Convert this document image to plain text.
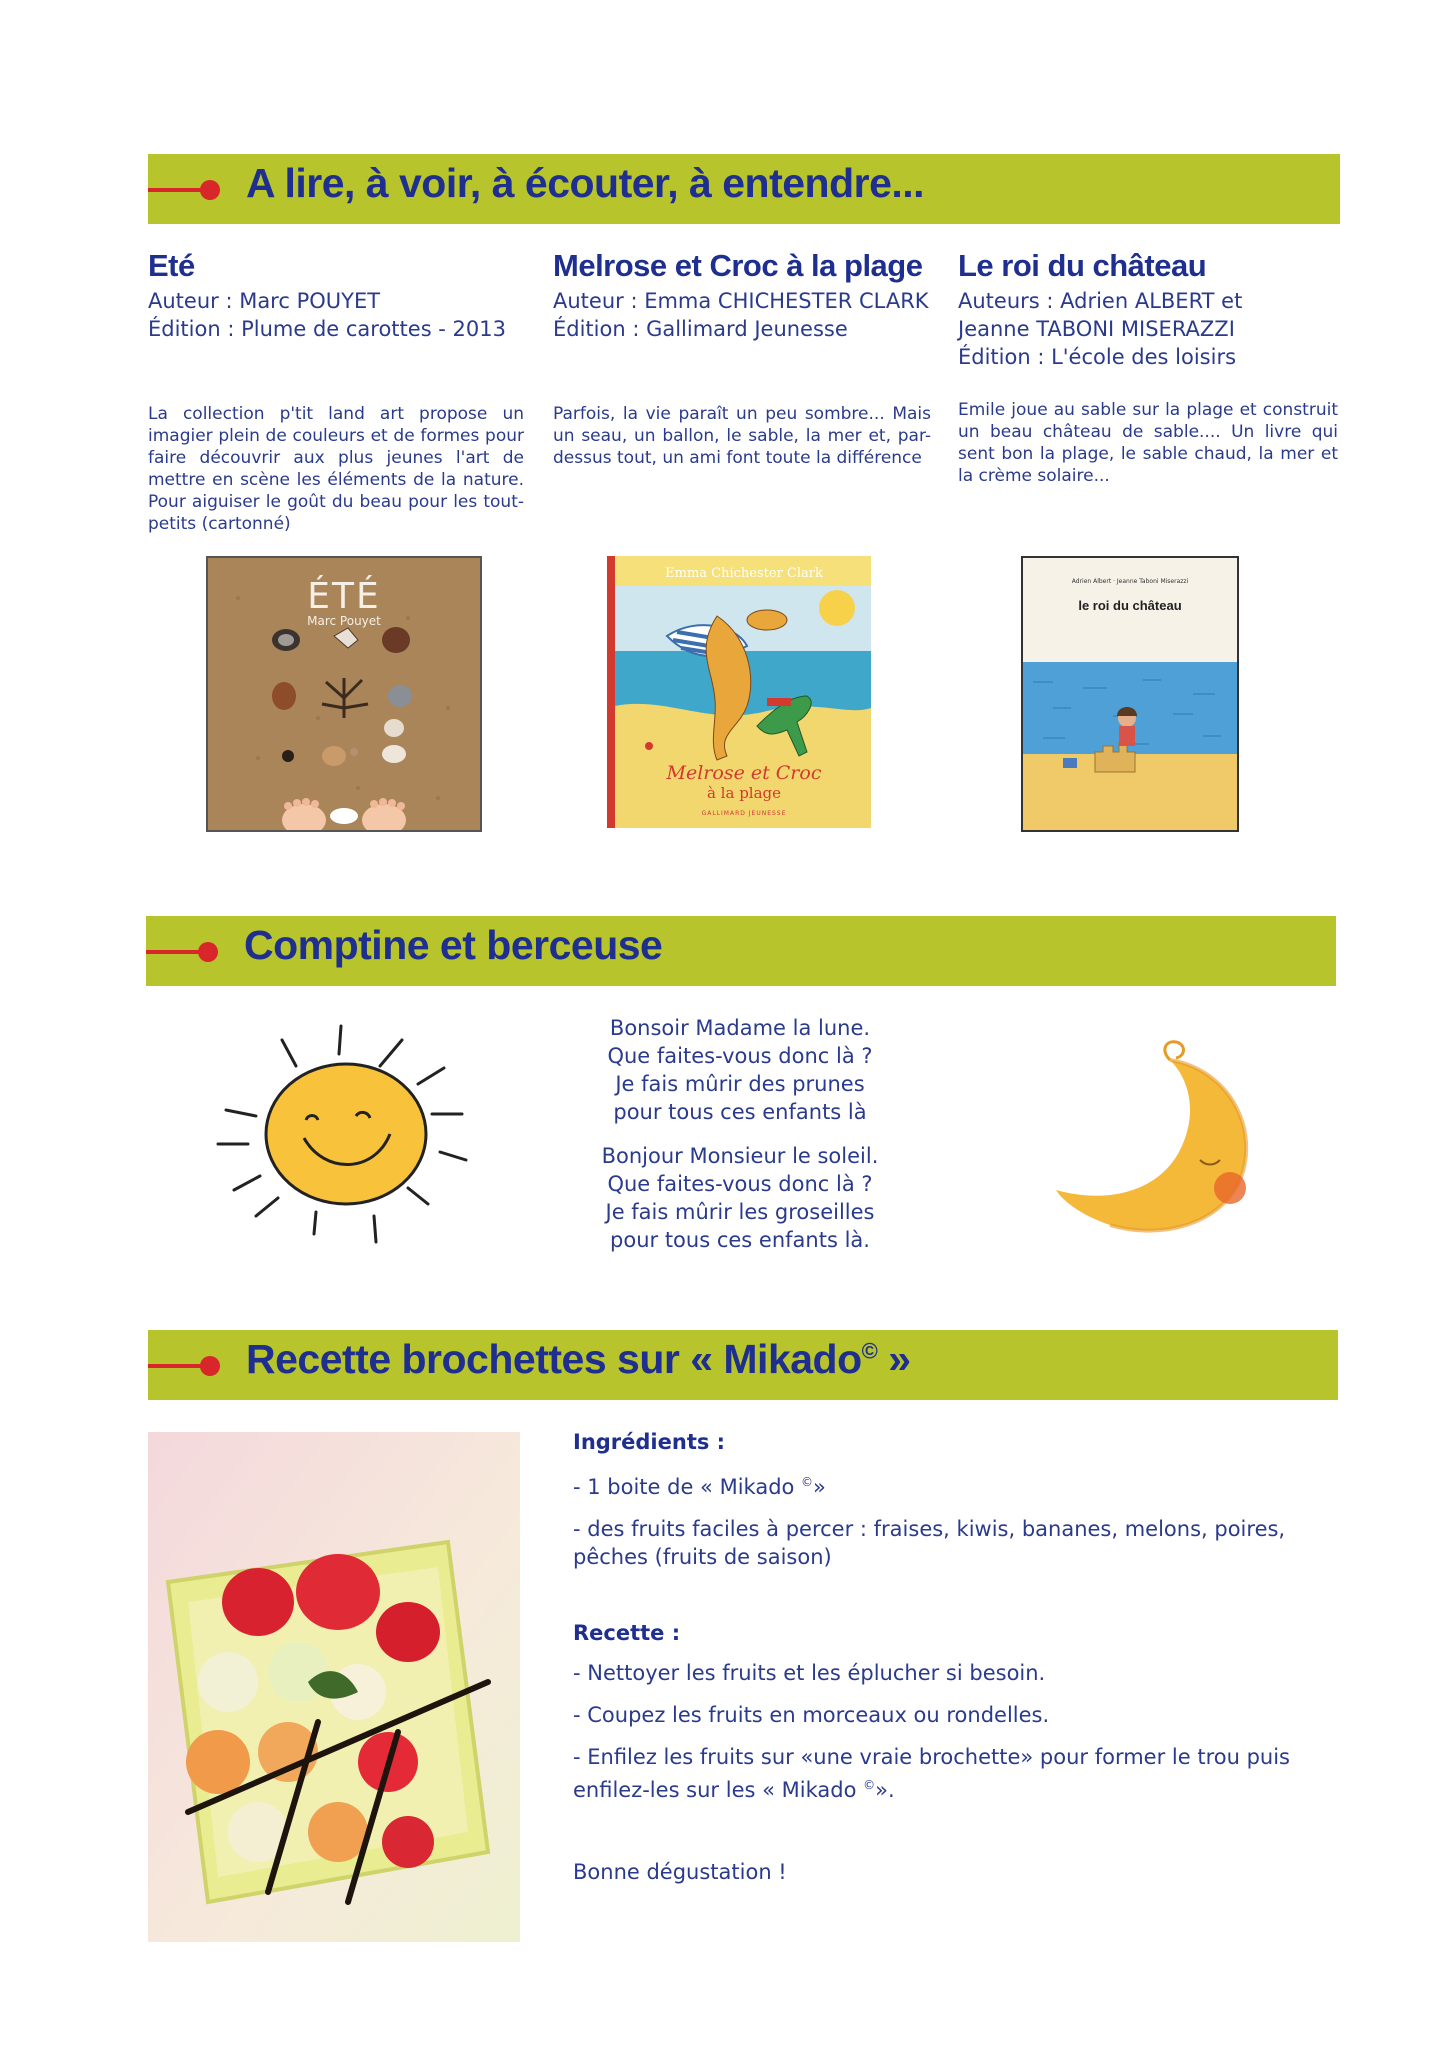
A lire, à voir, à écouter, à entendre...
Eté
Auteur : Marc POUYET
Édition : Plume de carottes - 2013
La collection p'tit land art propose un imagier plein de couleurs et de formes pour faire découvrir aux plus jeunes l'art de mettre en scène les éléments de la nature. Pour aiguiser le goût du beau pour les tout-petits (cartonné)
Melrose et Croc à la plage
Auteur : Emma CHICHESTER CLARK
Édition : Gallimard Jeunesse
Parfois, la vie paraît un peu sombre... Mais un seau, un ballon, le sable, la mer et, par-dessus tout, un ami font toute la différence
Le roi du château
Auteurs : Adrien ALBERT et
Jeanne TABONI MISERAZZI
Édition : L'école des loisirs
Emile joue au sable sur la plage et construit un beau château de sable.... Un livre qui sent bon la plage, le sable chaud, la mer et la crème solaire...
ÉTÉ
Marc Pouyet
Emma Chichester Clark
Melrose et Croc
à la plage
GALLIMARD JEUNESSE
Adrien Albert · Jeanne Taboni Miserazzi
le roi du château
Comptine et berceuse
Bonsoir Madame la lune.
Que faites-vous donc là ?
Je fais mûrir des prunes
pour tous ces enfants là
Bonjour Monsieur le soleil.
Que faites-vous donc là ?
Je fais mûrir les groseilles
pour tous ces enfants là.
Recette brochettes sur « Mikado© »
Ingrédients :
- 1 boite de « Mikado ©»
- des fruits faciles à percer : fraises, kiwis, bananes, melons, poires, pêches (fruits de saison)
Recette :
- Nettoyer les fruits et les éplucher si besoin.
- Coupez les fruits en morceaux ou rondelles.
- Enfilez les fruits sur «une vraie brochette» pour former le trou puis enfilez-les sur les « Mikado ©».
Bonne dégustation !
